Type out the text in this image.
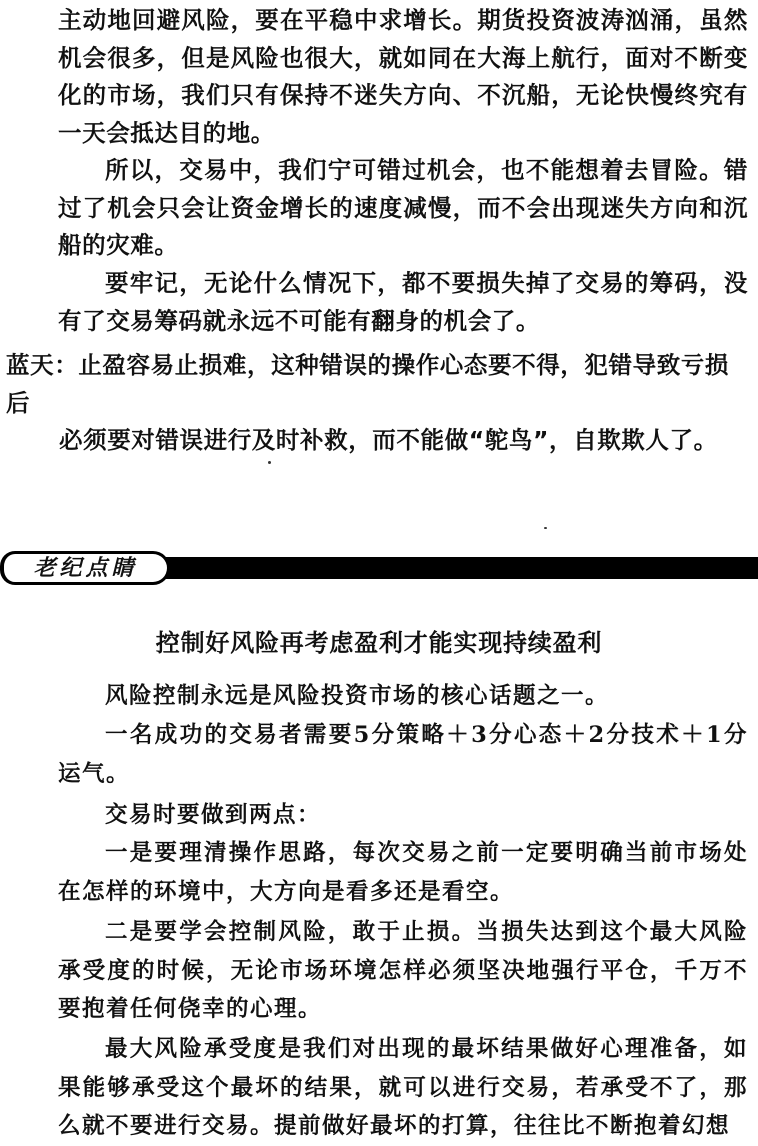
主动地回避风险，要在平稳中求增长。期货投资波涛汹涌，虽然机会很多，但是风险也很大，就如同在大海上航行，面对不断变化的市场，我们只有保持不迷失方向、不沉船，无论快慢终究有一天会抵达目的地。

所以，交易中，我们宁可错过机会，也不能想着去冒险。错过了机会只会让资金增长的速度减慢，而不会出现迷失方向和沉船的灾难。

要牢记，无论什么情况下，都不要损失掉了交易的筹码，没有了交易筹码就永远不可能有翻身的机会了。

蓝天：止盈容易止损难，这种错误的操作心态要不得，犯错导致亏损后
必须要对错误进行及时补救，而不能做“鸵鸟”，自欺欺人了。

老纪点睛
控制好风险再考虑盈利才能实现持续盈利

风险控制永远是风险投资市场的核心话题之一。

一名成功的交易者需要5分策略＋3分心态＋2分技术＋1分运气。

交易时要做到两点：

一是要理清操作思路，每次交易之前一定要明确当前市场处在怎样的环境中，大方向是看多还是看空。

二是要学会控制风险，敢于止损。当损失达到这个最大风险承受度的时候，无论市场环境怎样必须坚决地强行平仓，千万不要抱着任何侥幸的心理。

最大风险承受度是我们对出现的最坏结果做好心理准备，如果能够承受这个最坏的结果，就可以进行交易，若承受不了，那么就不要进行交易。提前做好最坏的打算，往往比不断抱着幻想
